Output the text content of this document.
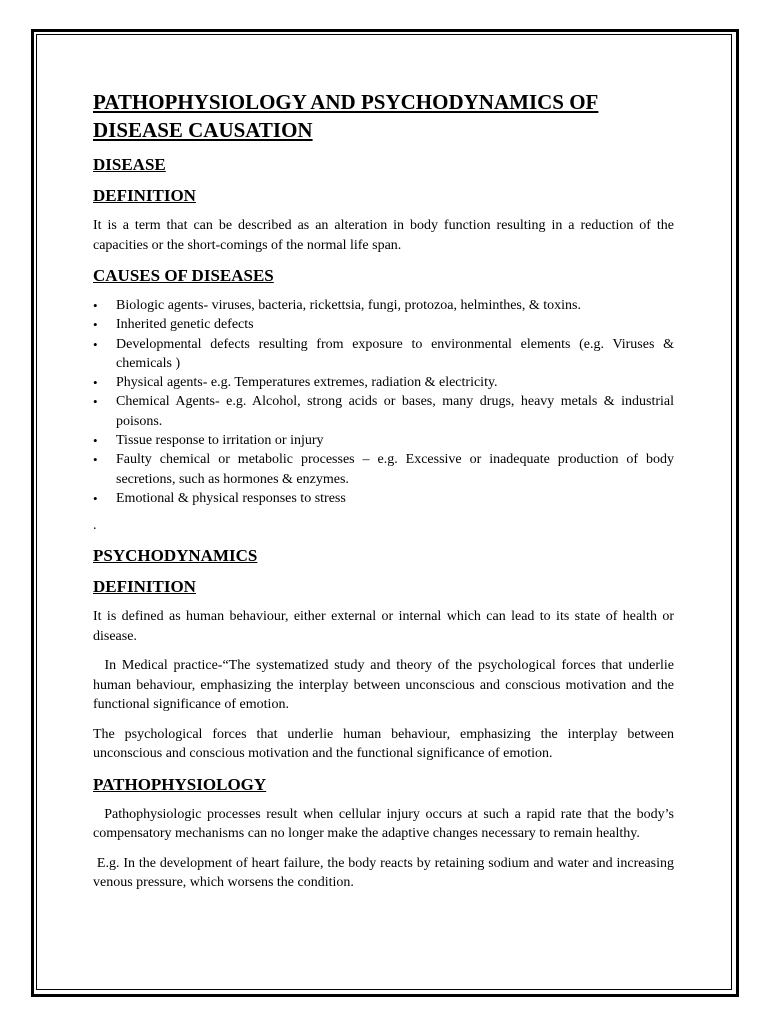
PATHOPHYSIOLOGY AND PSYCHODYNAMICS OF DISEASE CAUSATION
DISEASE
DEFINITION

It is a term that can be described as an alteration in body function resulting in a reduction of the capacities or the short-comings of the normal life span.

CAUSES OF DISEASES
• Biologic agents- viruses, bacteria, rickettsia, fungi, protozoa, helminthes, & toxins.
• Inherited genetic defects
• Developmental defects resulting from exposure to environmental elements (e.g. Viruses & chemicals )
• Physical agents- e.g. Temperatures extremes, radiation & electricity.
• Chemical Agents- e.g. Alcohol, strong acids or bases, many drugs, heavy metals & industrial poisons.
• Tissue response to irritation or injury
• Faulty chemical or metabolic processes – e.g. Excessive or inadequate production of body secretions, such as hormones & enzymes.
• Emotional & physical responses to stress
.
PSYCHODYNAMICS
DEFINITION

It is defined as human behaviour, either external or internal which can lead to its state of health or disease.

In Medical practice-“The systematized study and theory of the psychological forces that underlie human behaviour, emphasizing the interplay between unconscious and conscious motivation and the functional significance of emotion.

The psychological forces that underlie human behaviour, emphasizing the interplay between unconscious and conscious motivation and the functional significance of emotion.

PATHOPHYSIOLOGY

Pathophysiologic processes result when cellular injury occurs at such a rapid rate that the body’s compensatory mechanisms can no longer make the adaptive changes necessary to remain healthy.

E.g. In the development of heart failure, the body reacts by retaining sodium and water and increasing venous pressure, which worsens the condition.
